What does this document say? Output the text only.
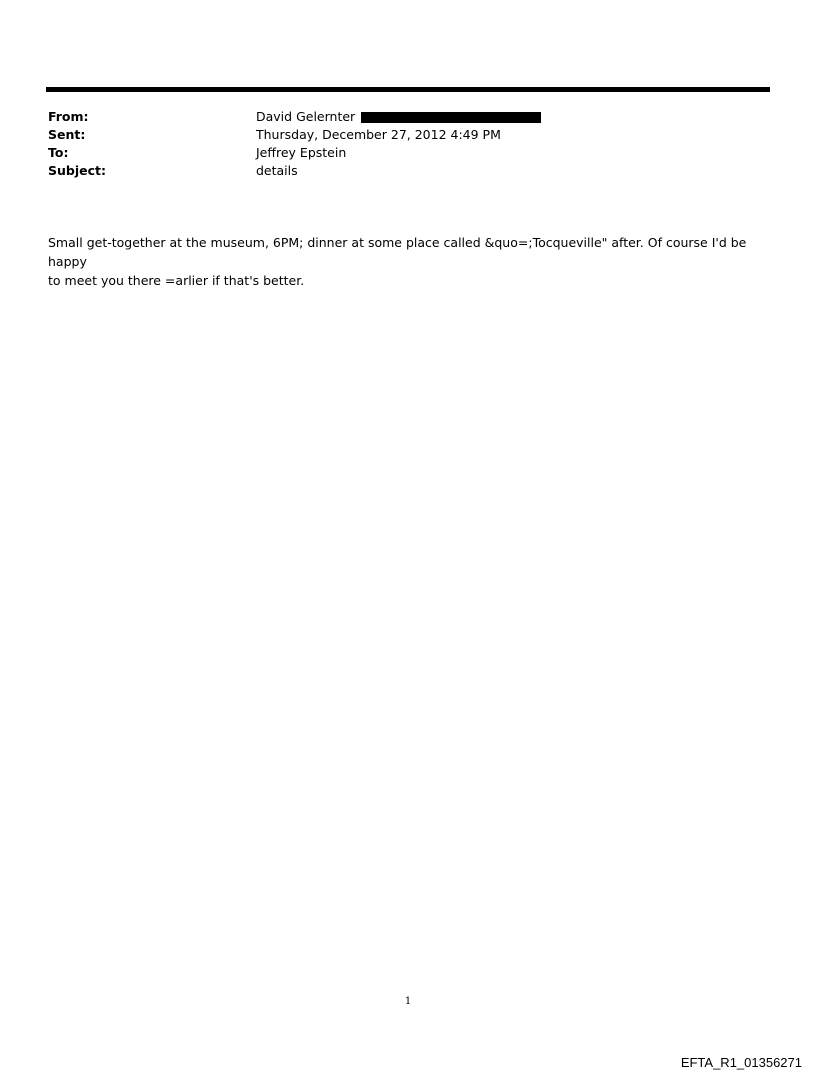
From:	David Gelernter
Sent:	Thursday, December 27, 2012 4:49 PM
To:	Jeffrey Epstein
Subject:	details

Small get-together at the museum, 6PM; dinner at some place called &quo=;Tocqueville" after. Of course I'd be happy

to meet you there =arlier if that's better.

1
EFTA_R1_01356271
